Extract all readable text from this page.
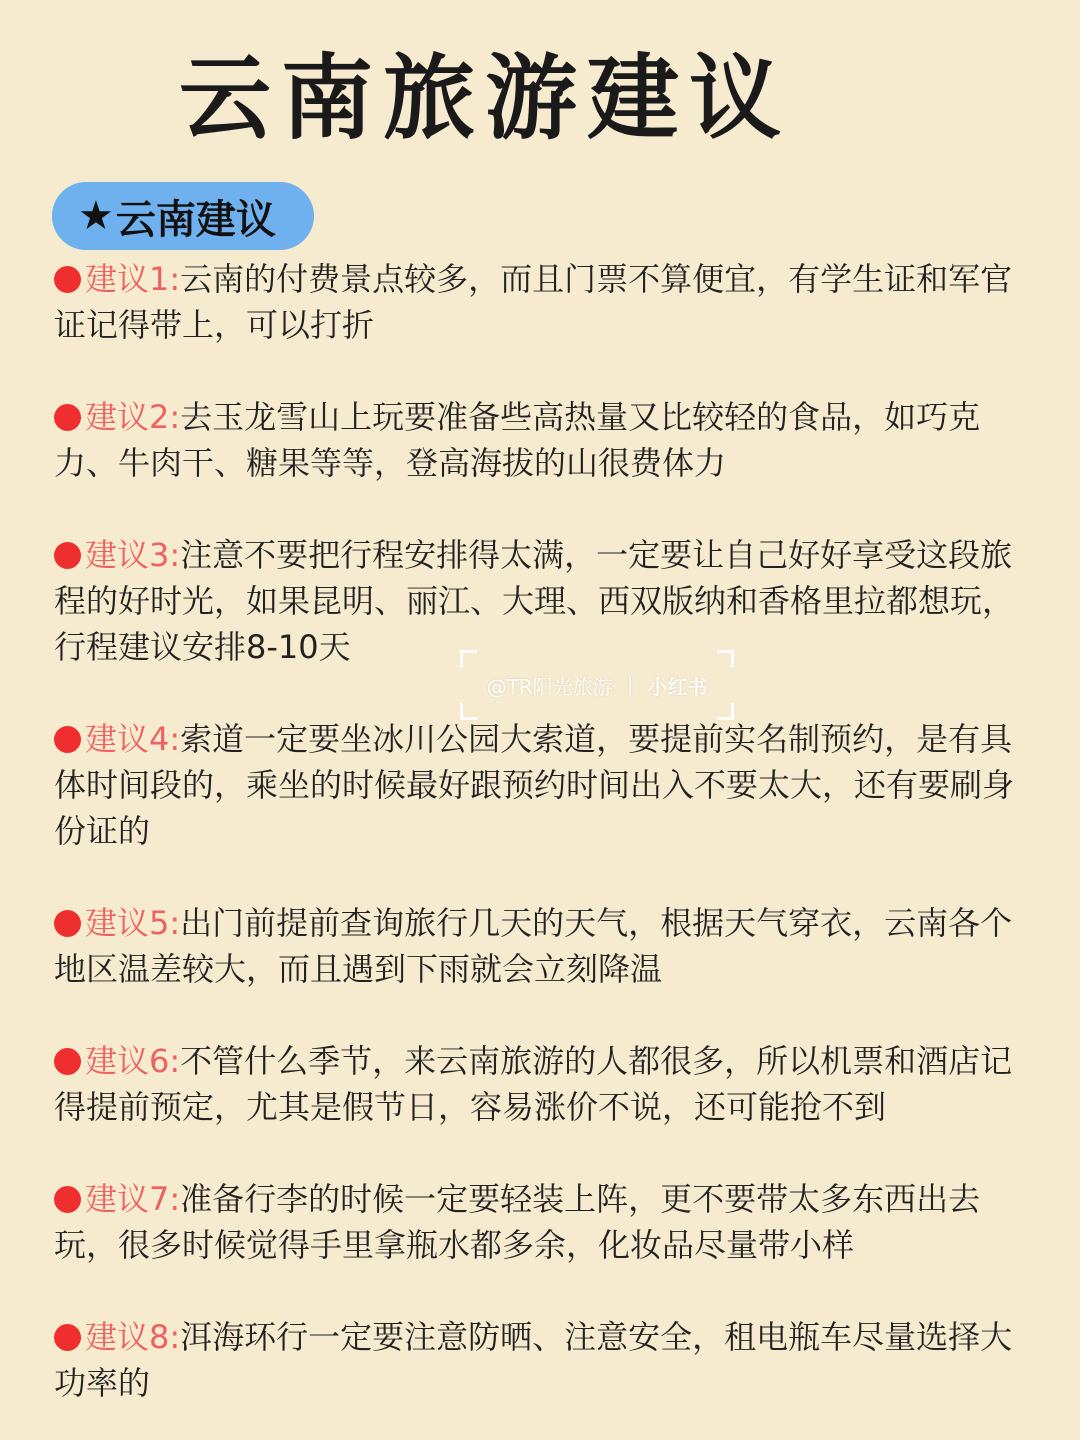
云南旅游建议
★ 云南建议
建议1:云南的付费景点较多，而且门票不算便宜，有学生证和军官证记得带上，可以打折
建议2:去玉龙雪山上玩要准备些高热量又比较轻的食品，如巧克力、牛肉干、糖果等等，登高海拔的山很费体力
建议3:注意不要把行程安排得太满，一定要让自己好好享受这段旅程的好时光，如果昆明、丽江、大理、西双版纳和香格里拉都想玩，行程建议安排8-10天
建议4:索道一定要坐冰川公园大索道，要提前实名制预约，是有具体时间段的，乘坐的时候最好跟预约时间出入不要太大，还有要刷身份证的
建议5:出门前提前查询旅行几天的天气，根据天气穿衣，云南各个地区温差较大，而且遇到下雨就会立刻降温
建议6:不管什么季节，来云南旅游的人都很多，所以机票和酒店记得提前预定，尤其是假节日，容易涨价不说，还可能抢不到
建议7:准备行李的时候一定要轻装上阵，更不要带太多东西出去玩，很多时候觉得手里拿瓶水都多余，化妆品尽量带小样
建议8:洱海环行一定要注意防晒、注意安全，租电瓶车尽量选择大功率的
@TR阳光旅游 | 小红书
